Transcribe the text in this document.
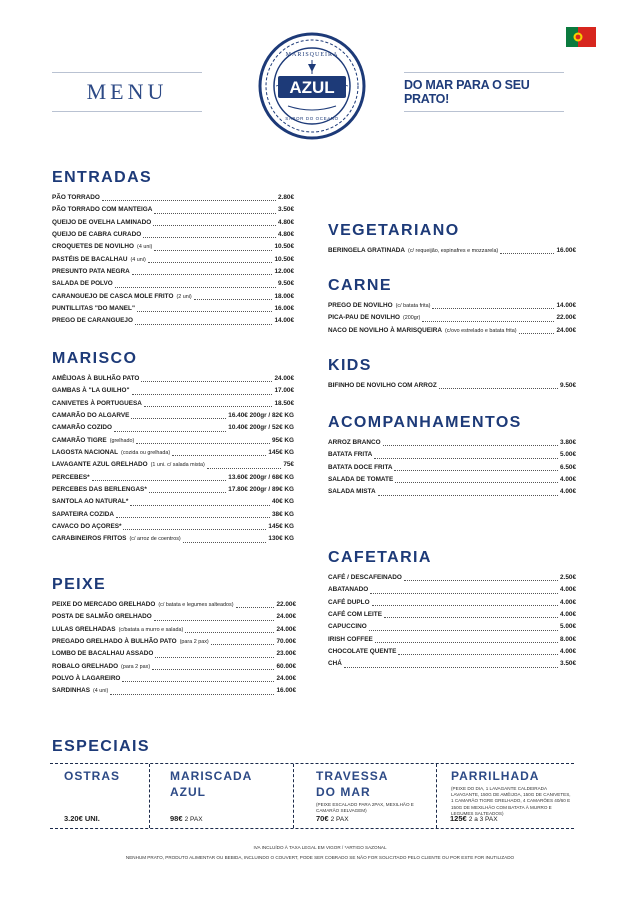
MENU	AZUL
MARISQUEIRA
SABOR DO OCEANO
DO MAR PARA O SEU PRATO!
ENTRADAS
PÃO TORRADO	2.80€
PÃO TORRADO COM MANTEIGA	3.50€
QUEIJO DE OVELHA LAMINADO	4.80€
QUEIJO DE CABRA CURADO	4.80€
CROQUETES DE NOVILHO (4 uni)	10.50€
PASTÉIS DE BACALHAU (4 uni)	10.50€
PRESUNTO PATA NEGRA	12.00€
SALADA DE POLVO	9.50€
CARANGUEJO DE CASCA MOLE FRITO (2 uni)	18.00€
PUNTILLITAS "DO MANEL"	16.00€
PREGO DE CARANGUEJO	14.00€
MARISCO
AMÊIJOAS À BULHÃO PATO	24.00€
GAMBAS À "LA GUILHO"	17.00€
CANIVETES À PORTUGUESA	18.50€
CAMARÃO DO ALGARVE	16.40€ 200gr / 82€ KG
CAMARÃO COZIDO	10.40€ 200gr / 52€ KG
CAMARÃO TIGRE (grelhado)	95€ KG
LAGOSTA NACIONAL (cozida ou grelhada)	145€ KG
LAVAGANTE AZUL GRELHADO (1 uni. c/ salada mista)	75€
PERCEBES*	13.60€ 200gr / 68€ KG
PERCEBES DAS BERLENGAS*	17.80€ 200gr / 89€ KG
SANTOLA AO NATURAL*	40€ KG
SAPATEIRA COZIDA	38€ KG
CAVACO DO AÇORES*	145€ KG
CARABINEIROS FRITOS (c/ arroz de coentros)	130€ KG
PEIXE
PEIXE DO MERCADO GRELHADO (c/ batata e legumes salteados)	22.00€
POSTA DE SALMÃO GRELHADO	24.00€
LULAS GRELHADAS (c/batata a murro e salada)	24.00€
PREGADO GRELHADO À BULHÃO PATO (para 2 pax)	70.00€
LOMBO DE BACALHAU ASSADO	23.00€
ROBALO GRELHADO (para 2 pax)	60.00€
POLVO À LAGAREIRO	24.00€
SARDINHAS (4 uni)	16.00€
VEGETARIANO
BERINGELA GRATINADA (c/ requeijão, espinafres e mozzarela)	16.00€
CARNE
PREGO DE NOVILHO (c/ batata frita)	14.00€
PICA-PAU DE NOVILHO (200gr)	22.00€
NACO DE NOVILHO À MARISQUEIRA (c/ovo estrelado e batata frita)	24.00€
KIDS
BIFINHO DE NOVILHO COM ARROZ	9.50€
ACOMPANHAMENTOS
ARROZ BRANCO	3.80€
BATATA FRITA	5.00€
BATATA DOCE FRITA	6.50€
SALADA DE TOMATE	4.00€
SALADA MISTA	4.00€
CAFETARIA
CAFÉ / DESCAFEINADO	2.50€
ABATANADO	4.00€
CAFÉ DUPLO	4.00€
CAFÉ COM LEITE	4.00€
CAPUCCINO	5.00€
IRISH COFFEE	8.00€
CHOCOLATE QUENTE	4.00€
CHÁ	3.50€
ESPECIAIS
OSTRAS
3.20€ UNI.
MARISCADA
AZUL
98€ 2 PAX
TRAVESSA
DO MAR
(PEIXE ESCALADO PARA 2PAX, MEXILHÃO E CAMARÃO SELVAGEM)
70€ 2 PAX
PARRILHADA
(PEIXE DO DIA, 1 LAVAGANTE CALDEIRADA LAVAGANTE, 150G DE AMÊIJOA, 150G DE CANIVETES, 1 CAMARÃO TIGRE GRELHADO, 4 CAMARÕES 40/60 E 150G DE MEXILHÃO COM BATATA À MURRO E LEGUMES SALTEADOS)
125€ 2 a 3 PAX
IVA INCLUÍDO À TAXA LEGAL EM VIGOR / *ARTIGO SAZONAL
NENHUM PRATO, PRODUTO ALIMENTAR OU BEBIDA, INCLUINDO O COUVERT, PODE SER COBRADO SE NÃO FOR SOLICITADO PELO CLIENTE OU POR ESTE FOR INUTILIZADO
